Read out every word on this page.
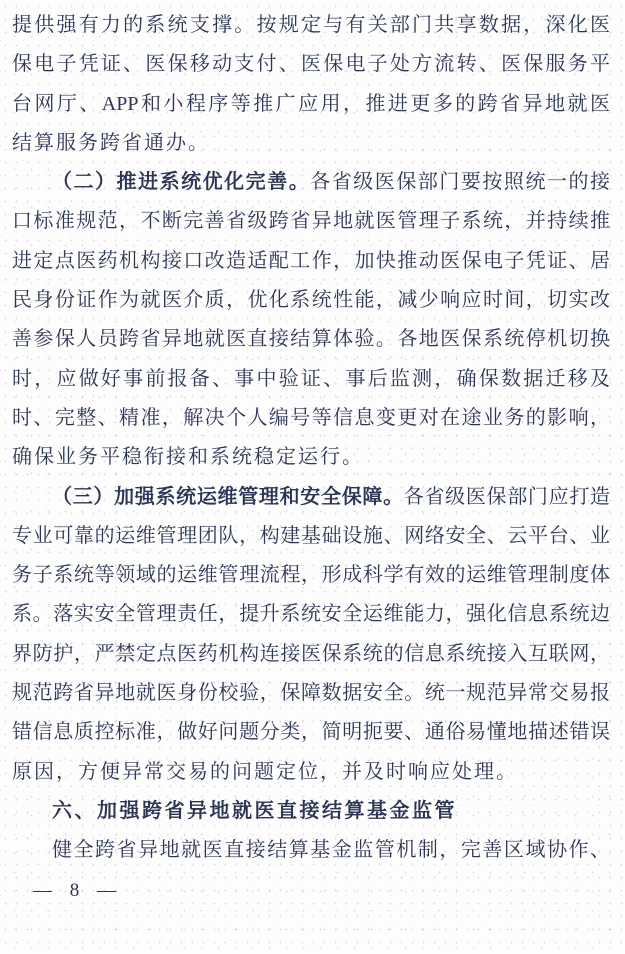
提供强有力的系统支撑。按规定与有关部门共享数据，深化医
保电子凭证、医保移动支付、医保电子处方流转、医保服务平
台网厅、APP和小程序等推广应用，推进更多的跨省异地就医
结算服务跨省通办。
（二）推进系统优化完善。各省级医保部门要按照统一的接
口标准规范，不断完善省级跨省异地就医管理子系统，并持续推
进定点医药机构接口改造适配工作，加快推动医保电子凭证、居
民身份证作为就医介质，优化系统性能，减少响应时间，切实改
善参保人员跨省异地就医直接结算体验。各地医保系统停机切换
时，应做好事前报备、事中验证、事后监测，确保数据迁移及
时、完整、精准，解决个人编号等信息变更对在途业务的影响，
确保业务平稳衔接和系统稳定运行。
（三）加强系统运维管理和安全保障。各省级医保部门应打造
专业可靠的运维管理团队，构建基础设施、网络安全、云平台、业
务子系统等领域的运维管理流程，形成科学有效的运维管理制度体
系。落实安全管理责任，提升系统安全运维能力，强化信息系统边
界防护，严禁定点医药机构连接医保系统的信息系统接入互联网，
规范跨省异地就医身份校验，保障数据安全。统一规范异常交易报
错信息质控标准，做好问题分类，简明扼要、通俗易懂地描述错误
原因，方便异常交易的问题定位，并及时响应处理。
六、加强跨省异地就医直接结算基金监管
健全跨省异地就医直接结算基金监管机制，完善区域协作、
— 8 —
